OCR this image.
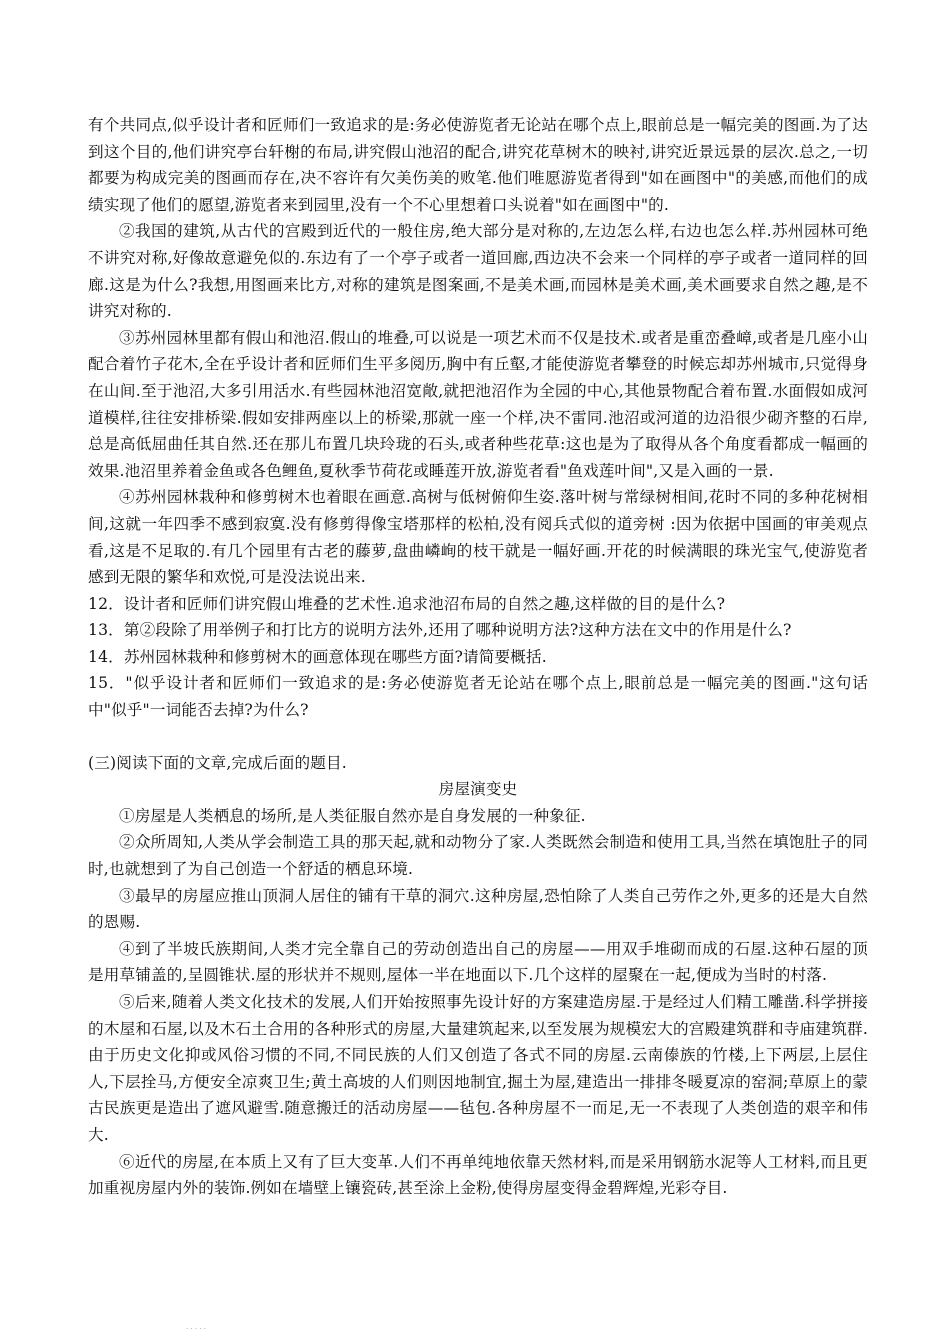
有个共同点,似乎设计者和匠师们一致追求的是:务必使游览者无论站在哪个点上,眼前总是一幅完美的图画.为了达到这个目的,他们讲究亭台轩榭的布局,讲究假山池沼的配合,讲究花草树木的映衬,讲究近景远景的层次.总之,一切都要为构成完美的图画而存在,决不容许有欠美伤美的败笔.他们唯愿游览者得到"如在画图中"的美感,而他们的成绩实现了他们的愿望,游览者来到园里,没有一个不心里想着口头说着"如在画图中"的.

②我国的建筑,从古代的宫殿到近代的一般住房,绝大部分是对称的,左边怎么样,右边也怎么样.苏州园林可绝不讲究对称,好像故意避免似的.东边有了一个亭子或者一道回廊,西边决不会来一个同样的亭子或者一道同样的回廊.这是为什么?我想,用图画来比方,对称的建筑是图案画,不是美术画,而园林是美术画,美术画要求自然之趣,是不讲究对称的.

③苏州园林里都有假山和池沼.假山的堆叠,可以说是一项艺术而不仅是技术.或者是重峦叠嶂,或者是几座小山配合着竹子花木,全在乎设计者和匠师们生平多阅历,胸中有丘壑,才能使游览者攀登的时候忘却苏州城市,只觉得身在山间.至于池沼,大多引用活水.有些园林池沼宽敞,就把池沼作为全园的中心,其他景物配合着布置.水面假如成河道模样,往往安排桥梁.假如安排两座以上的桥梁,那就一座一个样,决不雷同.池沼或河道的边沿很少砌齐整的石岸,总是高低屈曲任其自然.还在那儿布置几块玲珑的石头,或者种些花草:这也是为了取得从各个角度看都成一幅画的效果.池沼里养着金鱼或各色鲤鱼,夏秋季节荷花或睡莲开放,游览者看"鱼戏莲叶间",又是入画的一景.

④苏州园林栽种和修剪树木也着眼在画意.高树与低树俯仰生姿.落叶树与常绿树相间,花时不同的多种花树相间,这就一年四季不感到寂寞.没有修剪得像宝塔那样的松柏,没有阅兵式似的道旁树 :因为依据中国画的审美观点看,这是不足取的.有几个园里有古老的藤萝,盘曲嶙峋的枝干就是一幅好画.开花的时候满眼的珠光宝气,使游览者感到无限的繁华和欢悦,可是没法说出来.

12．设计者和匠师们讲究假山堆叠的艺术性.追求池沼布局的自然之趣,这样做的目的是什么?

13．第②段除了用举例子和打比方的说明方法外,还用了哪种说明方法?这种方法在文中的作用是什么?

14．苏州园林栽种和修剪树木的画意体现在哪些方面?请简要概括.

15．"似乎设计者和匠师们一致追求的是:务必使游览者无论站在哪个点上,眼前总是一幅完美的图画."这句话中"似乎"一词能否去掉?为什么?

(三)阅读下面的文章,完成后面的题目.

房屋演变史

①房屋是人类栖息的场所,是人类征服自然亦是自身发展的一种象征.

②众所周知,人类从学会制造工具的那天起,就和动物分了家.人类既然会制造和使用工具,当然在填饱肚子的同时,也就想到了为自己创造一个舒适的栖息环境.

③最早的房屋应推山顶洞人居住的铺有干草的洞穴.这种房屋,恐怕除了人类自己劳作之外,更多的还是大自然的恩赐.

④到了半坡氏族期间,人类才完全靠自己的劳动创造出自己的房屋——用双手堆砌而成的石屋.这种石屋的顶是用草铺盖的,呈圆锥状.屋的形状并不规则,屋体一半在地面以下.几个这样的屋聚在一起,便成为当时的村落.

⑤后来,随着人类文化技术的发展,人们开始按照事先设计好的方案建造房屋.于是经过人们精工雕凿.科学拼接的木屋和石屋,以及木石土合用的各种形式的房屋,大量建筑起来,以至发展为规模宏大的宫殿建筑群和寺庙建筑群.由于历史文化抑或风俗习惯的不同,不同民族的人们又创造了各式不同的房屋.云南傣族的竹楼,上下两层,上层住人,下层拴马,方便安全凉爽卫生;黄土高坡的人们则因地制宜,掘土为屋,建造出一排排冬暖夏凉的窑洞;草原上的蒙古民族更是造出了遮风避雪.随意搬迁的活动房屋——毡包.各种房屋不一而足,无一不表现了人类创造的艰辛和伟大.

⑥近代的房屋,在本质上又有了巨大变革.人们不再单纯地依靠天然材料,而是采用钢筋水泥等人工材料,而且更加重视房屋内外的装饰.例如在墙壁上镶瓷砖,甚至涂上金粉,使得房屋变得金碧辉煌,光彩夺目.

· · · · ·
